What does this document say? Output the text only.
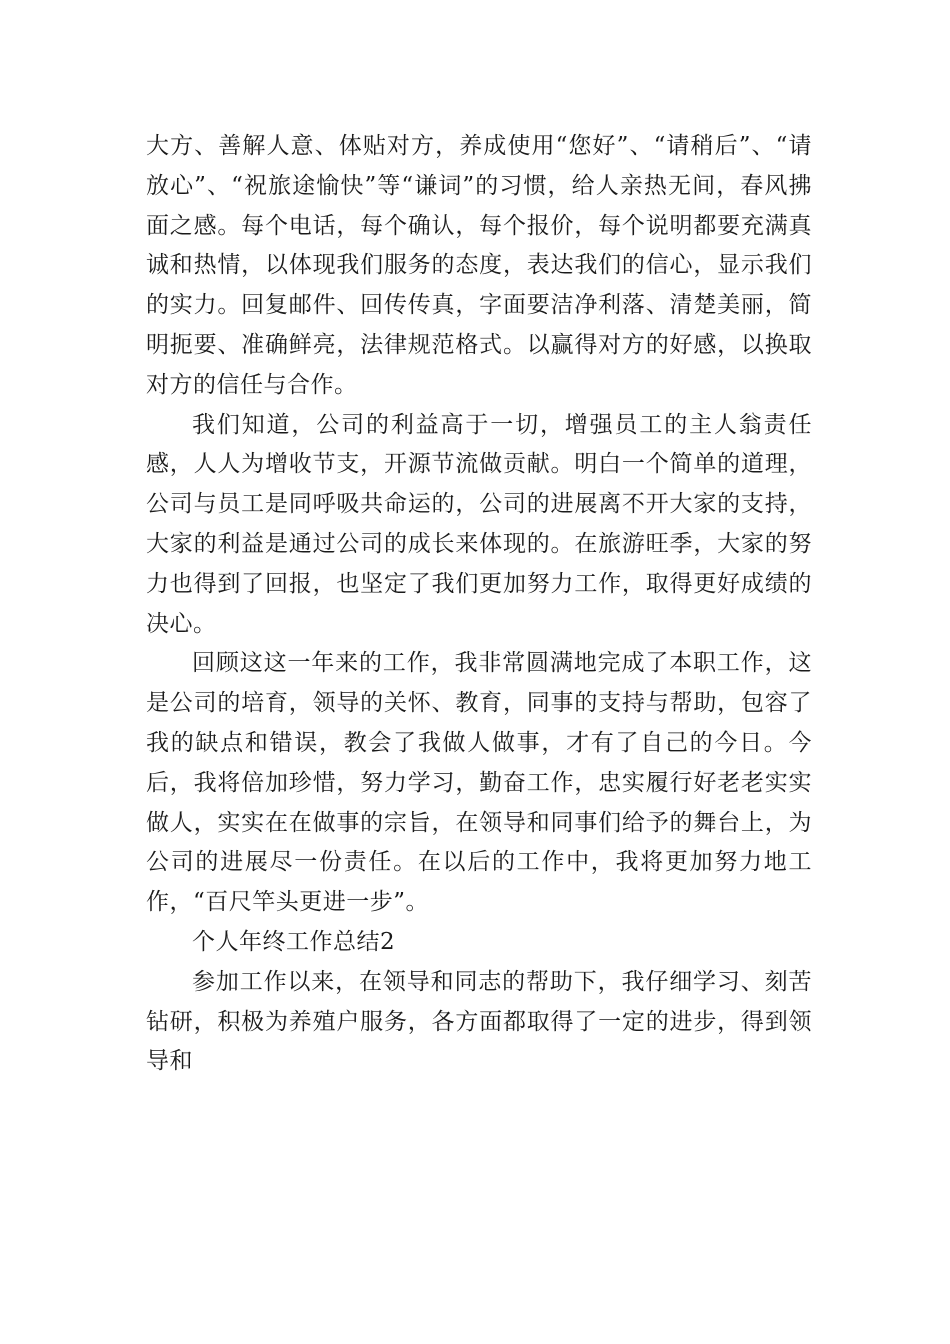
大方、善解人意、体贴对方，养成使用“您好”、“请稍后”、“请放心”、“祝旅途愉快”等“谦词”的习惯，给人亲热无间，春风拂面之感。每个电话，每个确认，每个报价，每个说明都要充满真诚和热情，以体现我们服务的态度，表达我们的信心，显示我们的实力。回复邮件、回传传真，字面要洁净利落、清楚美丽，简明扼要、准确鲜亮，法律规范格式。以赢得对方的好感，以换取对方的信任与合作。

我们知道，公司的利益高于一切，增强员工的主人翁责任感，人人为增收节支，开源节流做贡献。明白一个简单的道理，公司与员工是同呼吸共命运的，公司的进展离不开大家的支持，大家的利益是通过公司的成长来体现的。在旅游旺季，大家的努力也得到了回报，也坚定了我们更加努力工作，取得更好成绩的决心。

回顾这这一年来的工作，我非常圆满地完成了本职工作，这是公司的培育，领导的关怀、教育，同事的支持与帮助，包容了我的缺点和错误，教会了我做人做事，才有了自己的今日。今后，我将倍加珍惜，努力学习，勤奋工作，忠实履行好老老实实做人，实实在在做事的宗旨，在领导和同事们给予的舞台上，为公司的进展尽一份责任。在以后的工作中，我将更加努力地工作，“百尺竿头更进一步”。

个人年终工作总结2

参加工作以来，在领导和同志的帮助下，我仔细学习、刻苦钻研，积极为养殖户服务，各方面都取得了一定的进步，得到领导和
